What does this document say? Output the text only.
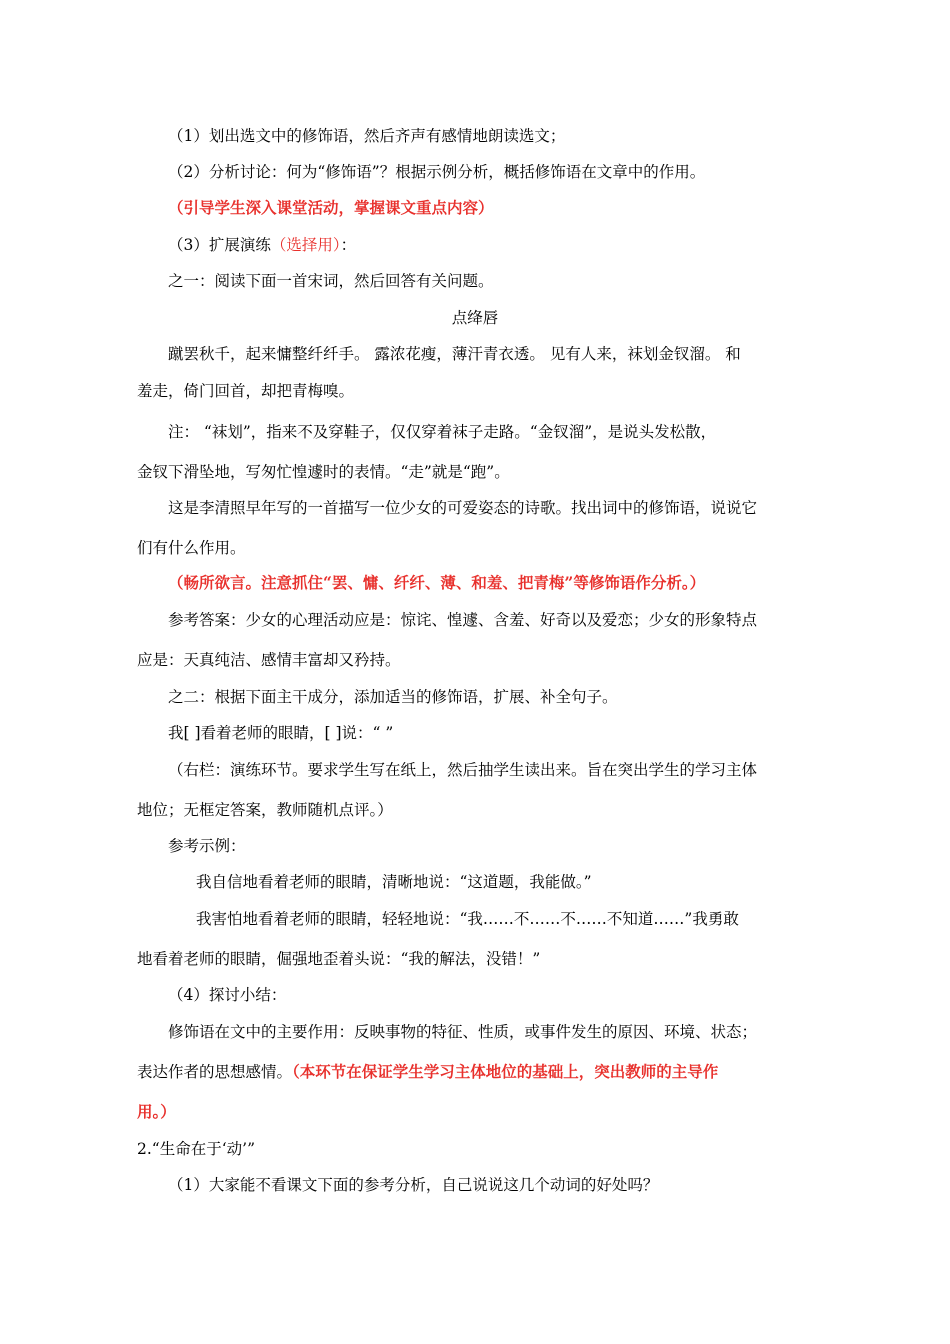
（1）划出选文中的修饰语，然后齐声有感情地朗读选文；
（2）分析讨论：何为“修饰语”？根据示例分析，概括修饰语在文章中的作用。
（引导学生深入课堂活动，掌握课文重点内容）
（3）扩展演练（选择用）：
之一：阅读下面一首宋词，然后回答有关问题。
点绛唇
蹴罢秋千，起来慵整纤纤手。 露浓花瘦，薄汗青衣透。 见有人来，袜划金钗溜。 和
羞走，倚门回首，却把青梅嗅。
注： “袜划”，指来不及穿鞋子，仅仅穿着袜子走路。“金钗溜”，是说头发松散，
金钗下滑坠地，写匆忙惶遽时的表情。“走”就是“跑”。
这是李清照早年写的一首描写一位少女的可爱姿态的诗歌。找出词中的修饰语，说说它
们有什么作用。
（畅所欲言。注意抓住“罢、慵、纤纤、薄、和羞、把青梅”等修饰语作分析。）
参考答案：少女的心理活动应是：惊诧、惶遽、含羞、好奇以及爱恋；少女的形象特点
应是：天真纯洁、感情丰富却又矜持。
之二：根据下面主干成分，添加适当的修饰语，扩展、补全句子。
我[ ]看着老师的眼睛，[ ]说：“ ”
（右栏：演练环节。要求学生写在纸上，然后抽学生读出来。旨在突出学生的学习主体
地位；无框定答案，教师随机点评。）
参考示例：
我自信地看着老师的眼睛，清晰地说：“这道题，我能做。”
我害怕地看着老师的眼睛，轻轻地说：“我……不……不……不知道……”我勇敢
地看着老师的眼睛，倔强地歪着头说：“我的解法，没错！”
（4）探讨小结：
修饰语在文中的主要作用：反映事物的特征、性质，或事件发生的原因、环境、状态；
表达作者的思想感情。（本环节在保证学生学习主体地位的基础上，突出教师的主导作
用。）
2.“生命在于‘动’”
（1）大家能不看课文下面的参考分析，自己说说这几个动词的好处吗？
